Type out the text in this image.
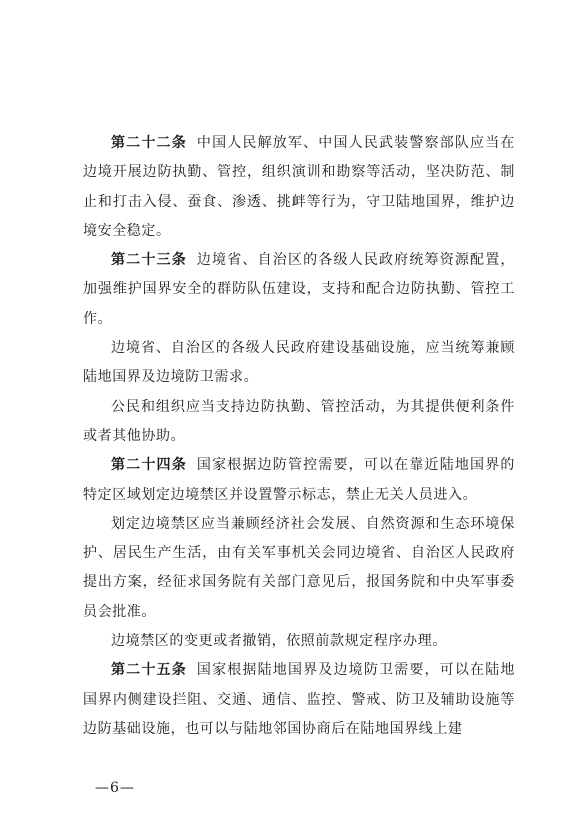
第二十二条 中国人民解放军、中国人民武装警察部队应当在边境开展边防执勤、管控，组织演训和勘察等活动，坚决防范、制止和打击入侵、蚕食、渗透、挑衅等行为，守卫陆地国界，维护边境安全稳定。

第二十三条 边境省、自治区的各级人民政府统筹资源配置，加强维护国界安全的群防队伍建设，支持和配合边防执勤、管控工作。

边境省、自治区的各级人民政府建设基础设施，应当统筹兼顾陆地国界及边境防卫需求。

公民和组织应当支持边防执勤、管控活动，为其提供便利条件或者其他协助。

第二十四条 国家根据边防管控需要，可以在靠近陆地国界的特定区域划定边境禁区并设置警示标志，禁止无关人员进入。

划定边境禁区应当兼顾经济社会发展、自然资源和生态环境保护、居民生产生活，由有关军事机关会同边境省、自治区人民政府提出方案，经征求国务院有关部门意见后，报国务院和中央军事委员会批准。

边境禁区的变更或者撤销，依照前款规定程序办理。

第二十五条 国家根据陆地国界及边境防卫需要，可以在陆地国界内侧建设拦阻、交通、通信、监控、警戒、防卫及辅助设施等边防基础设施，也可以与陆地邻国协商后在陆地国界线上建

—6—
